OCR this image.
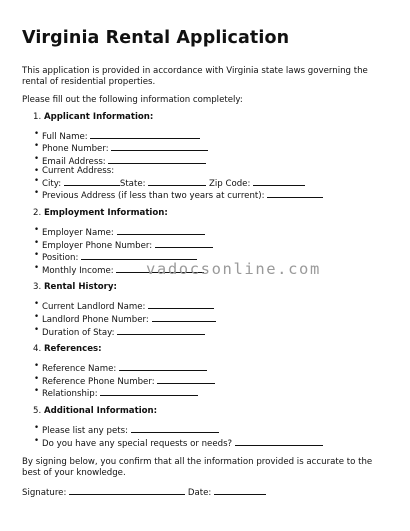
Virginia Rental Application

This application is provided in accordance with Virginia state laws governing the rental of residential properties.

Please fill out the following information completely:

1. Applicant Information:
• Full Name:
• Phone Number:
• Email Address:
• Current Address:
• City:	State:	Zip Code:
• Previous Address (if less than two years at current):
2. Employment Information:
• Employer Name:
• Employer Phone Number:
• Position:
• Monthly Income:
3. Rental History:
• Current Landlord Name:
• Landlord Phone Number:
• Duration of Stay:
4. References:
• Reference Name:
• Reference Phone Number:
• Relationship:
5. Additional Information:
• Please list any pets:
• Do you have any special requests or needs?

By signing below, you confirm that all the information provided is accurate to the best of your knowledge.

Signature:	Date:
vadocsonline.com
